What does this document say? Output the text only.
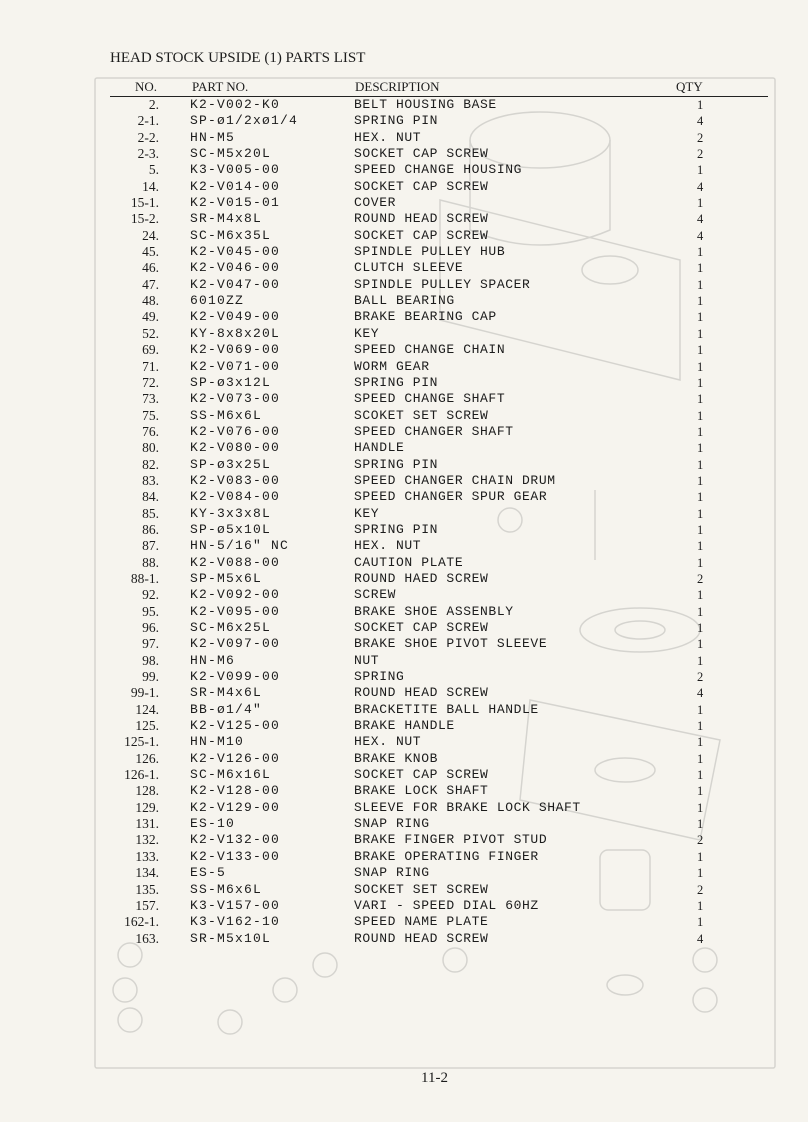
HEAD STOCK UPSIDE (1) PARTS LIST
NO.	PART NO.	DESCRIPTION	QTY
2. K2-V002-K0	BELT HOUSING BASE	1
2-1. SP-ø1/2xø1/4	SPRING PIN	4
2-2. HN-M5	HEX. NUT	2
2-3. SC-M5x20L	SOCKET CAP SCREW	2
5. K3-V005-00	SPEED CHANGE HOUSING	1
14. K2-V014-00	SOCKET CAP SCREW	4
15-1. K2-V015-01	COVER	1
15-2. SR-M4x8L	ROUND HEAD SCREW	4
24. SC-M6x35L	SOCKET CAP SCREW	4
45. K2-V045-00	SPINDLE PULLEY HUB	1
46. K2-V046-00	CLUTCH SLEEVE	1
47. K2-V047-00	SPINDLE PULLEY SPACER	1
48. 6010ZZ	BALL BEARING	1
49. K2-V049-00	BRAKE BEARING CAP	1
52. KY-8x8x20L	KEY	1
69. K2-V069-00	SPEED CHANGE CHAIN	1
71. K2-V071-00	WORM GEAR	1
72. SP-ø3x12L	SPRING PIN	1
73. K2-V073-00	SPEED CHANGE SHAFT	1
75. SS-M6x6L	SCOKET SET SCREW	1
76. K2-V076-00	SPEED CHANGER SHAFT	1
80. K2-V080-00	HANDLE	1
82. SP-ø3x25L	SPRING PIN	1
83. K2-V083-00	SPEED CHANGER CHAIN DRUM	1
84. K2-V084-00	SPEED CHANGER SPUR GEAR	1
85. KY-3x3x8L	KEY	1
86. SP-ø5x10L	SPRING PIN	1
87. HN-5/16" NC	HEX. NUT	1
88. K2-V088-00	CAUTION PLATE	1
88-1. SP-M5x6L	ROUND HAED SCREW	2
92. K2-V092-00	SCREW	1
95. K2-V095-00	BRAKE SHOE ASSENBLY	1
96. SC-M6x25L	SOCKET CAP SCREW	1
97. K2-V097-00	BRAKE SHOE PIVOT SLEEVE	1
98. HN-M6	NUT	1
99. K2-V099-00	SPRING	2
99-1. SR-M4x6L	ROUND HEAD SCREW	4
124. BB-ø1/4"	BRACKETITE BALL HANDLE	1
125. K2-V125-00	BRAKE HANDLE	1
125-1. HN-M10	HEX. NUT	1
126. K2-V126-00	BRAKE KNOB	1
126-1. SC-M6x16L	SOCKET CAP SCREW	1
128. K2-V128-00	BRAKE LOCK SHAFT	1
129. K2-V129-00	SLEEVE FOR BRAKE LOCK SHAFT	1
131. ES-10	SNAP RING	1
132. K2-V132-00	BRAKE FINGER PIVOT STUD	2
133. K2-V133-00	BRAKE OPERATING FINGER	1
134. ES-5	SNAP RING	1
135. SS-M6x6L	SOCKET SET SCREW	2
157. K3-V157-00	VARI - SPEED DIAL 60HZ	1
162-1. K3-V162-10	SPEED NAME PLATE	1
163. SR-M5x10L	ROUND HEAD SCREW	4
11-2
